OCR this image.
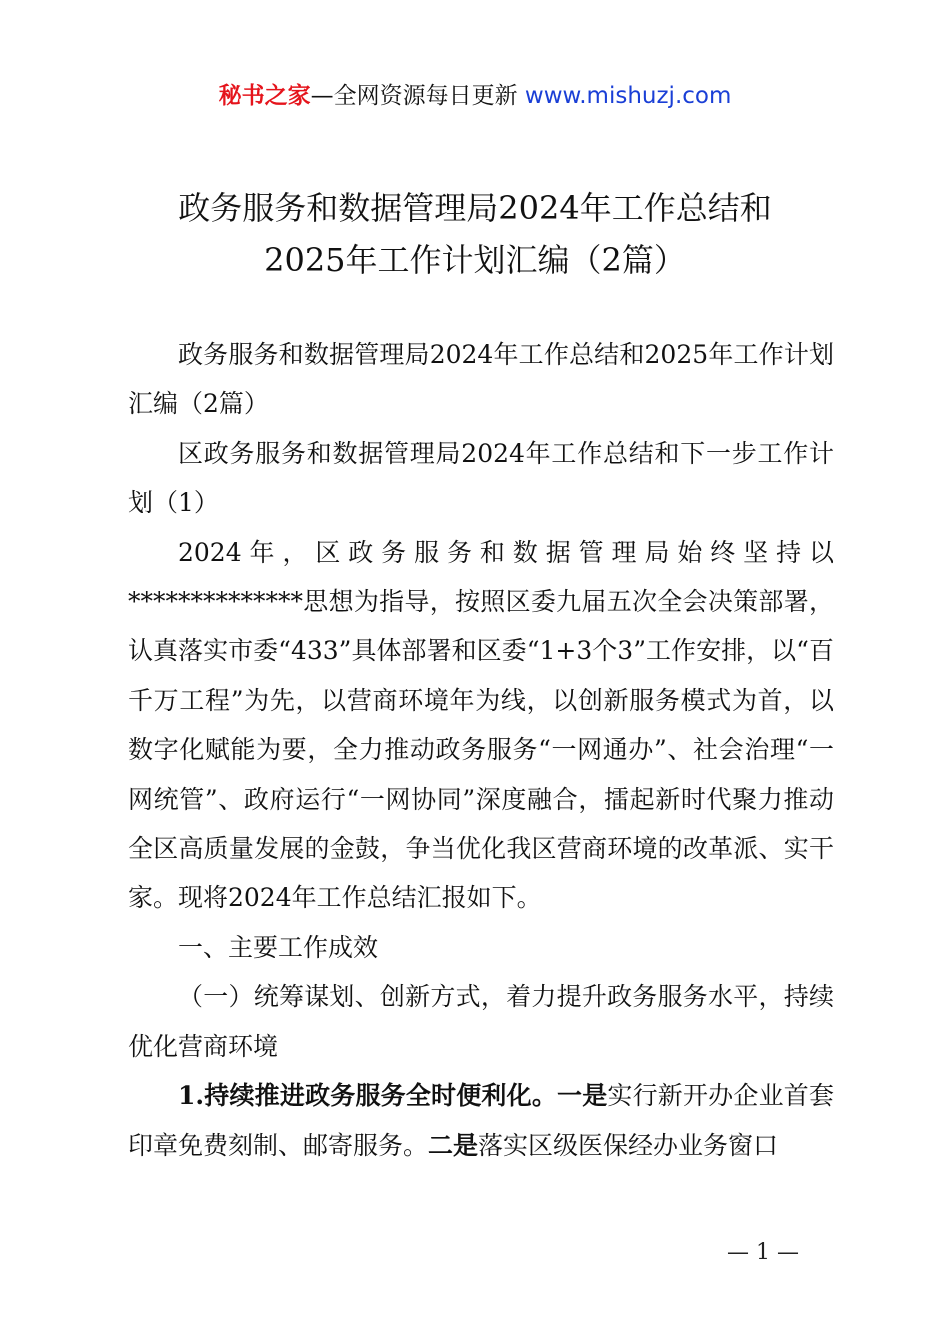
秘书之家—全网资源每日更新 www.mishuzj.com
政务服务和数据管理局2024年工作总结和
2025年工作计划汇编（2篇）

政务服务和数据管理局2024年工作总结和2025年工作计划汇编（2篇）

区政务服务和数据管理局2024年工作总结和下一步工作计划（1）

2024年，区政务服务和数据管理局始终坚持以**************思想为指导，按照区委九届五次全会决策部署，认真落实市委“433”具体部署和区委“1+3个3”工作安排，以“百千万工程”为先，以营商环境年为线，以创新服务模式为首，以数字化赋能为要，全力推动政务服务“一网通办”、社会治理“一网统管”、政府运行“一网协同”深度融合，擂起新时代聚力推动全区高质量发展的金鼓，争当优化我区营商环境的改革派、实干家。现将2024年工作总结汇报如下。

一、主要工作成效

（一）统筹谋划、创新方式，着力提升政务服务水平，持续优化营商环境

1.持续推进政务服务全时便利化。一是实行新开办企业首套印章免费刻制、邮寄服务。二是落实区级医保经办业务窗口

— 1 —
